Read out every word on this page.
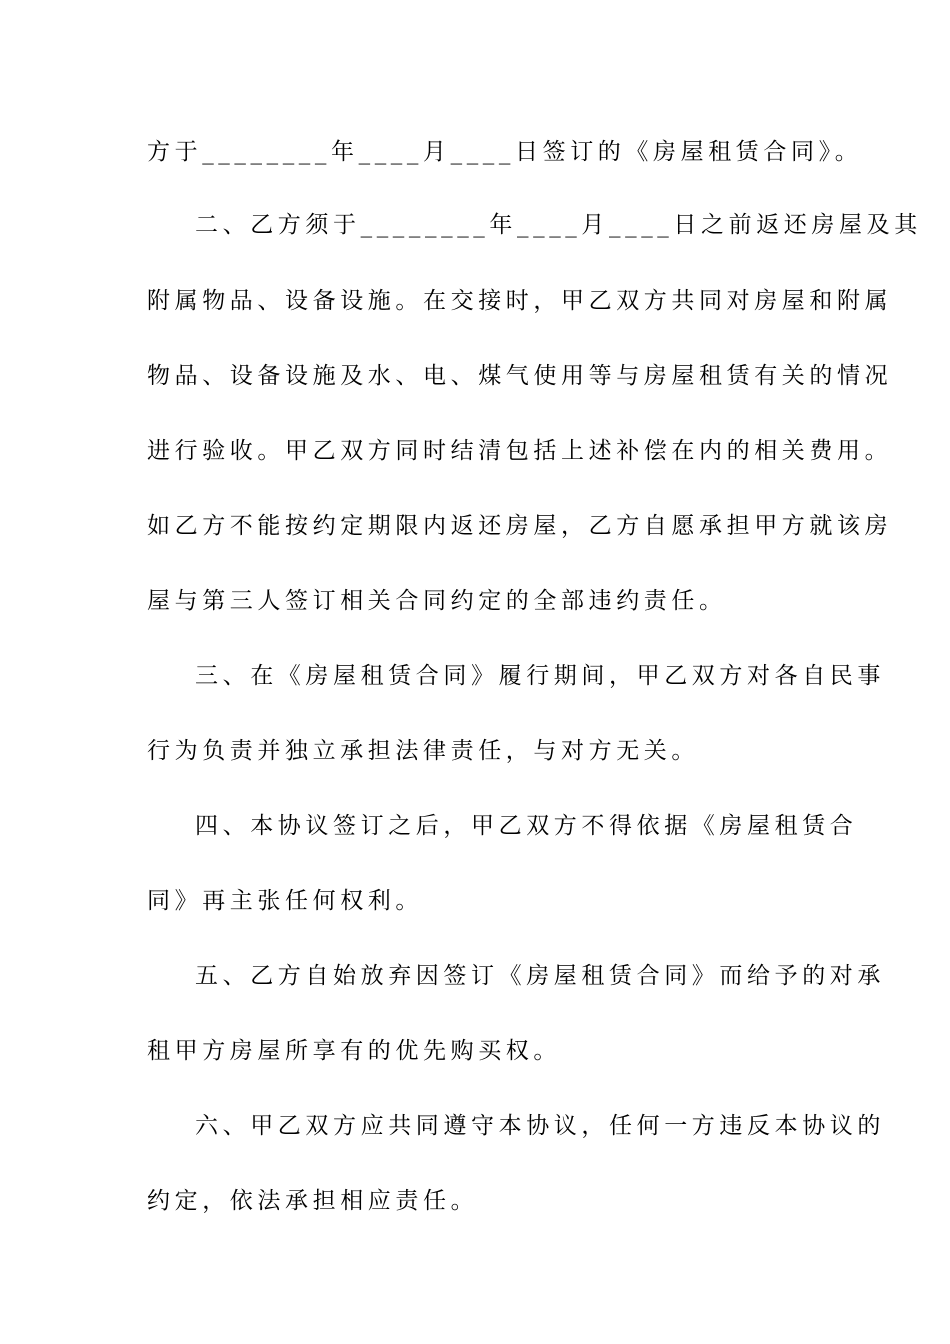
方于________年____月____日签订的《房屋租赁合同》。
二、乙方须于________年____月____日之前返还房屋及其
附属物品、设备设施。在交接时，甲乙双方共同对房屋和附属
物品、设备设施及水、电、煤气使用等与房屋租赁有关的情况
进行验收。甲乙双方同时结清包括上述补偿在内的相关费用。
如乙方不能按约定期限内返还房屋，乙方自愿承担甲方就该房
屋与第三人签订相关合同约定的全部违约责任。
三、在《房屋租赁合同》履行期间，甲乙双方对各自民事
行为负责并独立承担法律责任，与对方无关。
四、本协议签订之后，甲乙双方不得依据《房屋租赁合
同》再主张任何权利。
五、乙方自始放弃因签订《房屋租赁合同》而给予的对承
租甲方房屋所享有的优先购买权。
六、甲乙双方应共同遵守本协议，任何一方违反本协议的
约定，依法承担相应责任。
